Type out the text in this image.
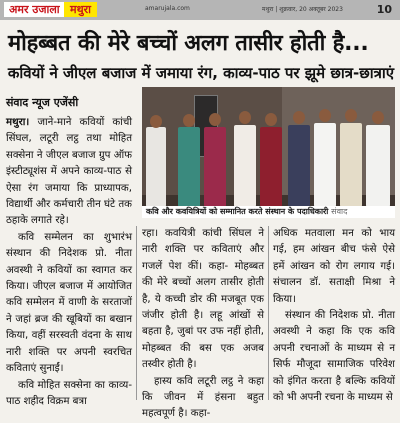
अमर उजाला मथुरा	amarujala.com	मथुरा | शुक्रवार, 20 अक्तूबर 2023	10
मोहब्बत की मेरे बच्चों अलग तासीर होती है...
कवियों ने जीएल बजाज में जमाया रंग, काव्य-पाठ पर झूमे छात्र-छात्राएं
कवि और कवयित्रियों को सम्मानित करते संस्थान के पदाधिकारी संवाद
संवाद न्यूज एजेंसी

मथुरा। जाने-माने कवियों कांची सिंघल, लटूरी लट्ठ तथा मोहित सक्सेना ने जीएल बजाज ग्रुप ऑफ इंस्टीट्यूशंस में अपने काव्य-पाठ से ऐसा रंग जमाया कि प्राध्यापक, विद्यार्थी और कर्मचारी तीन घंटे तक ठहाके लगाते रहे।

कवि सम्मेलन का शुभारंभ संस्थान की निदेशक प्रो. नीता अवस्थी ने कवियों का स्वागत कर किया। जीएल बजाज में आयोजित कवि सम्मेलन में वाणी के सरताजों ने जहां ब्रज की खूबियों का बखान किया, वहीं सरस्वती वंदना के साथ नारी शक्ति पर अपनी स्वरचित कविताएं सुनाईं।

कवि मोहित सक्सेना का काव्य-पाठ शहीद विक्रम बत्रा

रहा। कवयित्री कांची सिंघल ने नारी शक्ति पर कविताएं और गजलें पेश कीं। कहा- मोहब्बत की मेरे बच्चों अलग तासीर होती है, ये कच्ची डोर की मजबूत एक जंजीर होती है। लहू आंखों से बहता है, जुबां पर उफ नहीं होती, मोहब्बत की बस एक अजब तस्वीर होती है।

हास्य कवि लटूरी लट्ठ ने कहा कि जीवन में हंसना बहुत महत्वपूर्ण है। कहा-

अधिक मतवाला मन को भाय गई, हम आंखन बीच फंसे ऐसे हमें आंखन को रोग लगाय गई। संचालन डॉ. सताक्षी मिश्रा ने किया।

संस्थान की निदेशक प्रो. नीता अवस्थी ने कहा कि एक कवि अपनी रचनाओं के माध्यम से न सिर्फ मौजूदा सामाजिक परिवेश को इंगित करता है बल्कि कवियों को भी अपनी रचना के माध्यम से
